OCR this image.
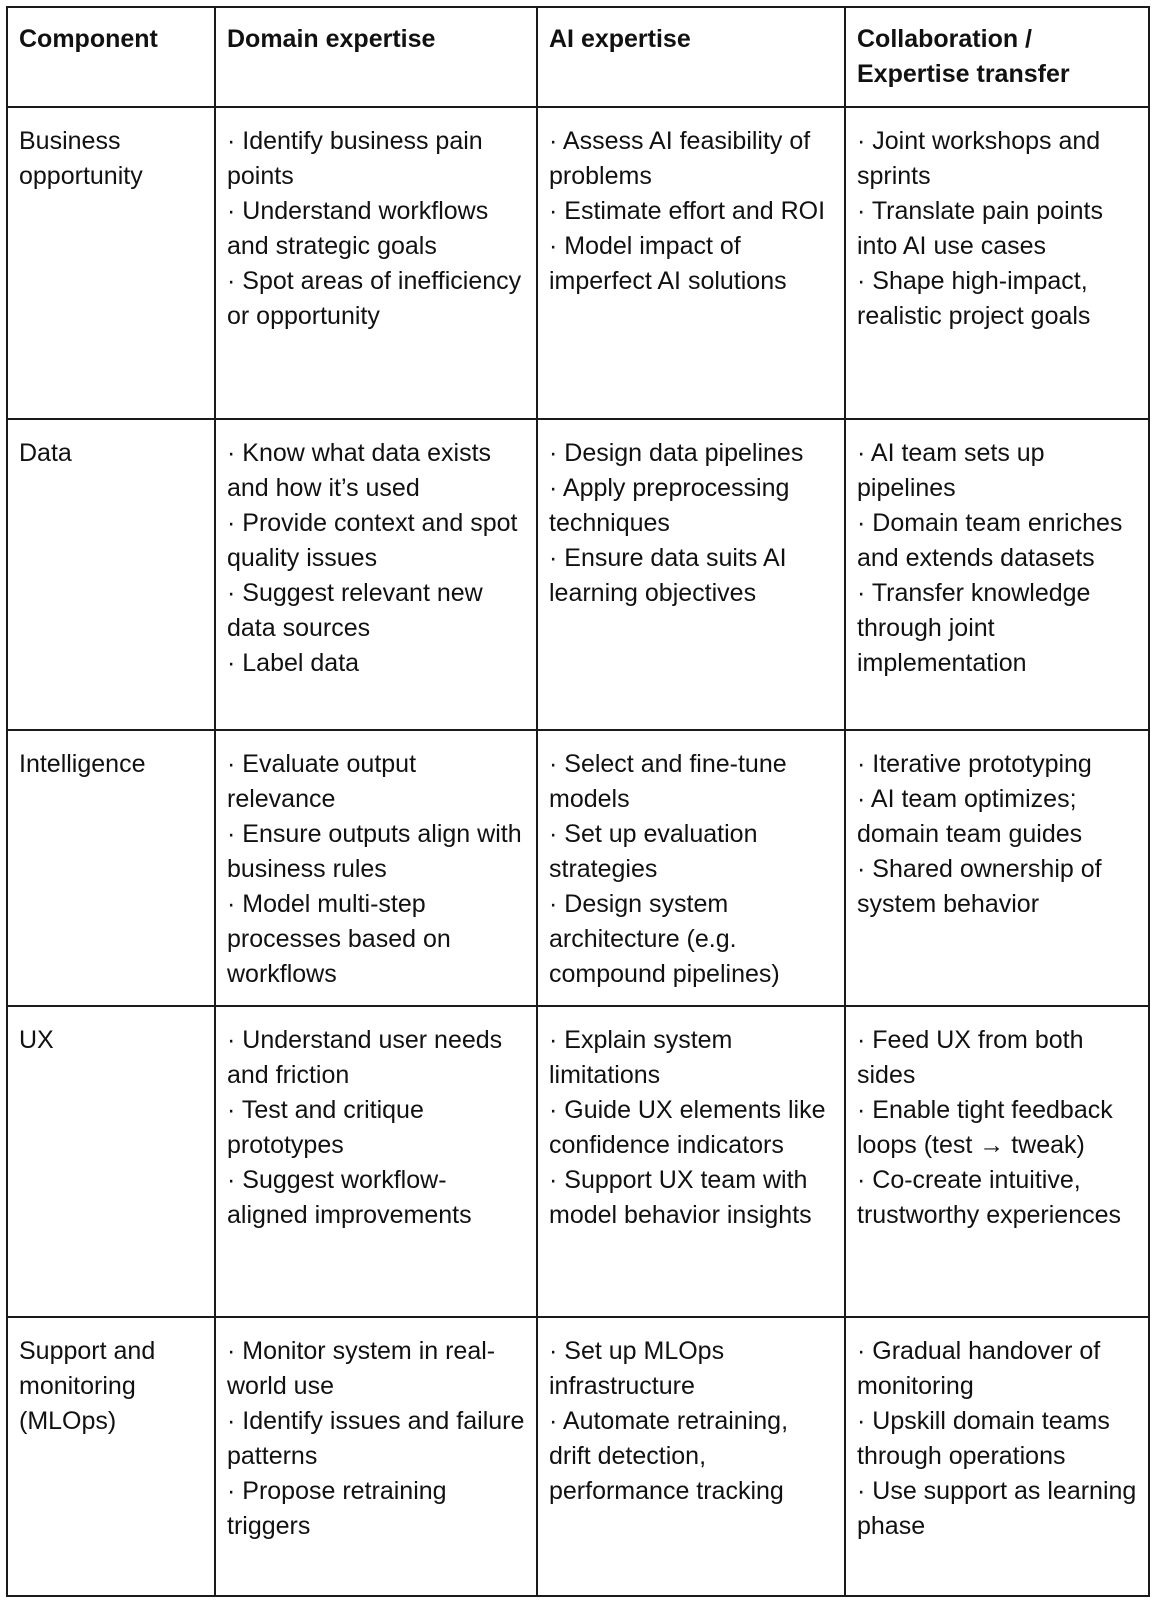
Component	Domain expertise	AI expertise	Collaboration / Expertise transfer
Business opportunity	· Identify business pain points
· Understand workflows and strategic goals
· Spot areas of inefficiency or opportunity	· Assess AI feasibility of problems
· Estimate effort and ROI
· Model impact of imperfect AI solutions	· Joint workshops and sprints
· Translate pain points into AI use cases
· Shape high-impact, realistic project goals

Data	· Know what data exists and how it’s used
· Provide context and spot quality issues
· Suggest relevant new data sources
· Label data	· Design data pipelines
· Apply preprocessing techniques
· Ensure data suits AI learning objectives	· AI team sets up pipelines
· Domain team enriches and extends datasets
· Transfer knowledge through joint implementation

Intelligence	· Evaluate output relevance
· Ensure outputs align with business rules
· Model multi-step processes based on workflows	· Select and fine-tune models
· Set up evaluation strategies
· Design system architecture (e.g. compound pipelines)	· Iterative prototyping
· AI team optimizes; domain team guides
· Shared ownership of system behavior

UX	· Understand user needs and friction
· Test and critique prototypes
· Suggest workflow-aligned improvements	· Explain system limitations
· Guide UX elements like confidence indicators
· Support UX team with model behavior insights	· Feed UX from both sides
· Enable tight feedback loops (test → tweak)
· Co-create intuitive, trustworthy experiences

Support and monitoring (MLOps)	· Monitor system in real-world use
· Identify issues and failure patterns
· Propose retraining triggers	· Set up MLOps infrastructure
· Automate retraining, drift detection, performance tracking	· Gradual handover of monitoring
· Upskill domain teams through operations
· Use support as learning phase
